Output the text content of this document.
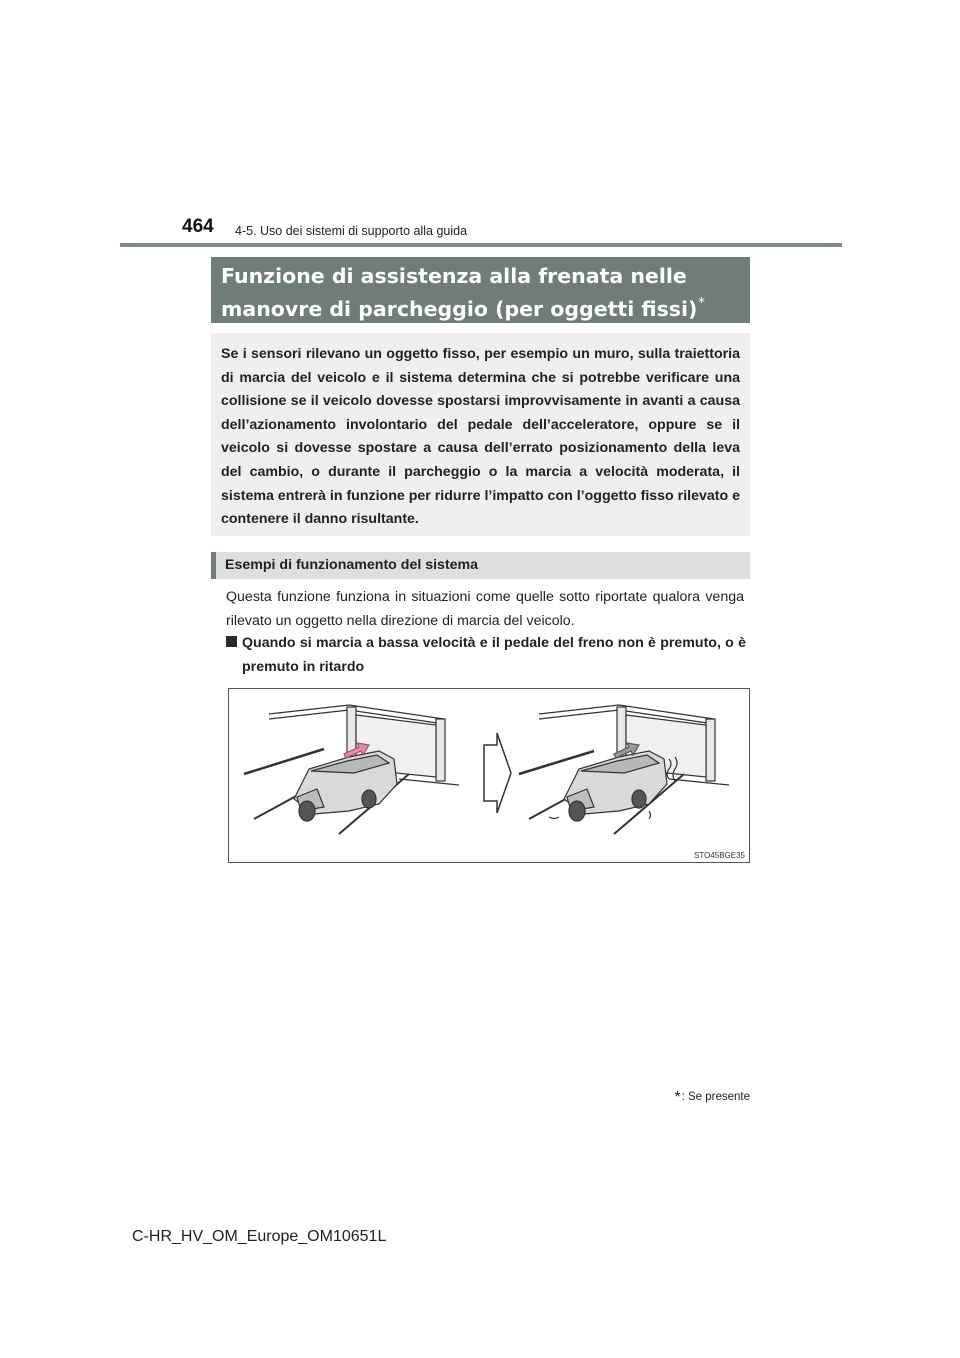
464 4-5. Uso dei sistemi di supporto alla guida
Funzione di assistenza alla frenata nelle
manovre di parcheggio (per oggetti fissi)*

Se i sensori rilevano un oggetto fisso, per esempio un muro, sulla traiettoria di marcia del veicolo e il sistema determina che si potrebbe verificare una collisione se il veicolo dovesse spostarsi improvvisamente in avanti a causa dell’azionamento involontario del pedale dell’acceleratore, oppure se il veicolo si dovesse spostare a causa dell’errato posizionamento della leva del cambio, o durante il parcheggio o la marcia a velocità moderata, il sistema entrerà in funzione per ridurre l’impatto con l’oggetto fisso rilevato e contenere il danno risultante.

Esempi di funzionamento del sistema

Questa funzione funziona in situazioni come quelle sotto riportate qualora venga rilevato un oggetto nella direzione di marcia del veicolo.

Quando si marcia a bassa velocità e il pedale del freno non è premuto, o è premuto in ritardo

STO45BGE35
*: Se presente
C-HR_HV_OM_Europe_OM10651L
